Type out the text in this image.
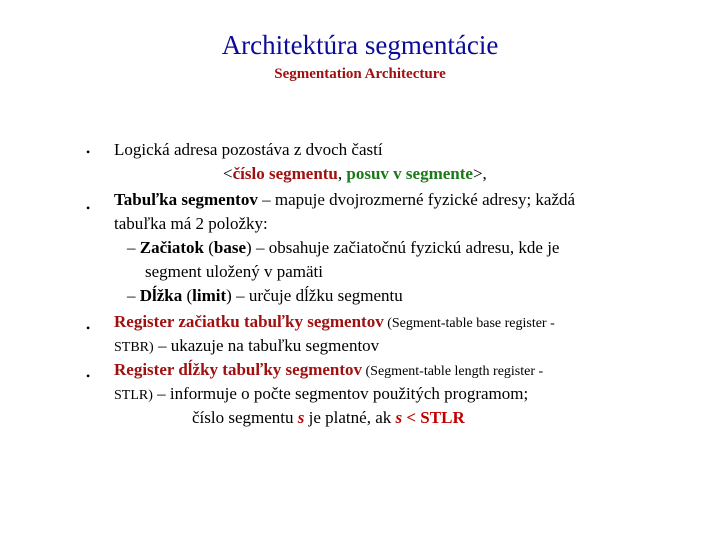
Architektúra segmentácie
Segmentation Architecture
• Logická adresa pozostáva z dvoch častí
<číslo segmentu, posuv v segmente>,
• Tabuľka segmentov – mapuje dvojrozmerné fyzické adresy; každá
tabuľka má 2 položky:
– Začiatok (base) – obsahuje začiatočnú fyzickú adresu, kde je
segment uložený v pamäti
– Dĺžka (limit) – určuje dĺžku segmentu
• Register začiatku tabuľky segmentov (Segment-table base register -
STBR) – ukazuje na tabuľku segmentov
• Register dĺžky tabuľky segmentov (Segment-table length register -
STLR) – informuje o počte segmentov použitých programom;
číslo segmentu s je platné, ak s < STLR
